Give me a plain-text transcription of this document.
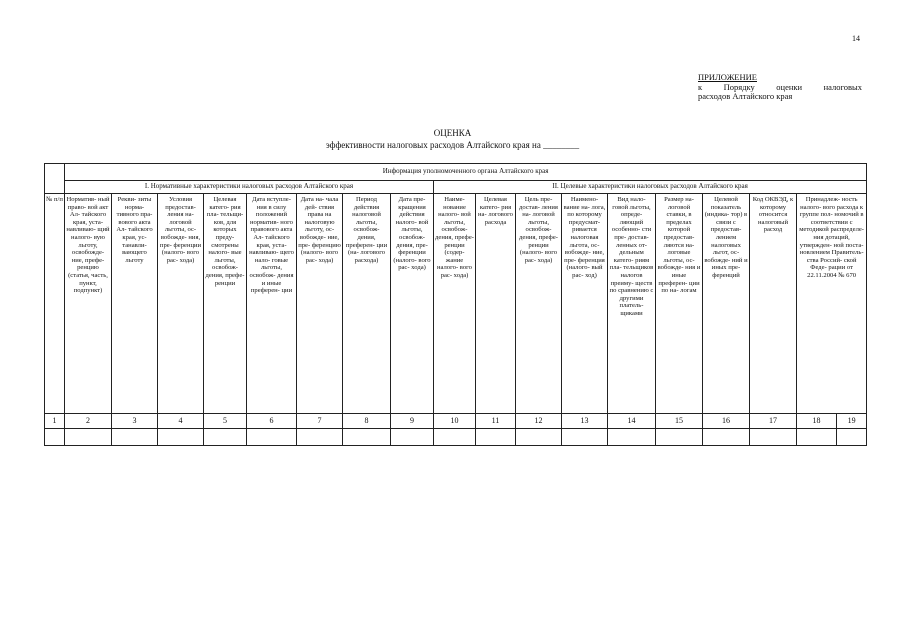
14
ПРИЛОЖЕНИЕ
к Порядку оценки налоговых
расходов Алтайского края
ОЦЕНКА
эффективности налоговых расходов Алтайского края на ________
	Информация уполномоченного органа Алтайского края																	
	I. Нормативные характеристики налоговых расходов Алтайского края								II. Целевые характеристики налоговых расходов Алтайского края									
№ п/п	Норматив- ный право- вой акт Ал- тайского края, уста- навливаю- щий налого- вую льготу, освобожде- ние, префе- ренцию (статья, часть, пункт, подпункт)	Рекви- зиты норма- тивного пра- вового акта Ал- тайского края, ус- танавли- вающего льготу	Условия предостав- ления на- логовой льготы, ос- вобожде- ния, пре- ференции (налого- вого рас- хода)	Целевая катего- рия пла- тельщи- ков, для которых преду- смотрены налого- вые льготы, освобож- дения, префе- ренции	Дата вступле- ния в силу положений норматив- ного правового акта Ал- тайского края, уста- навливаю- щего нало- говые льготы, освобож- дения и иные преферен- ции	Дата на- чала дей- ствия права на налоговую льготу, ос- вобожде- ние, пре- ференцию (налого- вого рас- хода)	Период действия налоговой льготы, освобож- дения, преферен- ции (на- логового расхода)	Дата пре- кращения действия налого- вой льготы, освобож- дения, пре- ференции (налого- вого рас- хода)	Наиме- нование налого- вой льготы, освобож- дения, префе- ренции (содер- жание налого- вого рас- хода)	Целевая катего- рия на- логового расхода	Цель пре- достав- ления на- логовой льготы, освобож- дения, префе- ренции (налого- вого рас- хода)	Наимено- вание на- лога, по которому предусмат- ривается налоговая льгота, ос- вобожде- ние, пре- ференция (налого- вый рас- ход)	Вид нало- говой льготы, опреде- ляющий особенно- сти пре- достав- ленных от- дельным катего- риям пла- тельщиков налогов преиму- ществ по сравнению с другими платель- щиками	Размер на- логовой ставки, в пределах которой предостав- ляются на- логовые льготы, ос- вобожде- ния и иные преферен- ции по на- логам	Целевой показатель (индика- тор) в связи с предостав- лением налоговых льгот, ос- вобожде- ний и иных пре- ференций	Код ОКВЭД, к которому относится налоговый расход	Принадлеж- ность налого- вого расхода к группе пол- номочий в соответствии с методикой распределе- ния дотаций, утвержден- ной поста- новлением Правитель- ства Россий- ской Феде- рации от 22.11.2004 № 670	
1	2	3	4	5	6	7	8	9	10	11	12	13	14	15	16	17	18	19
